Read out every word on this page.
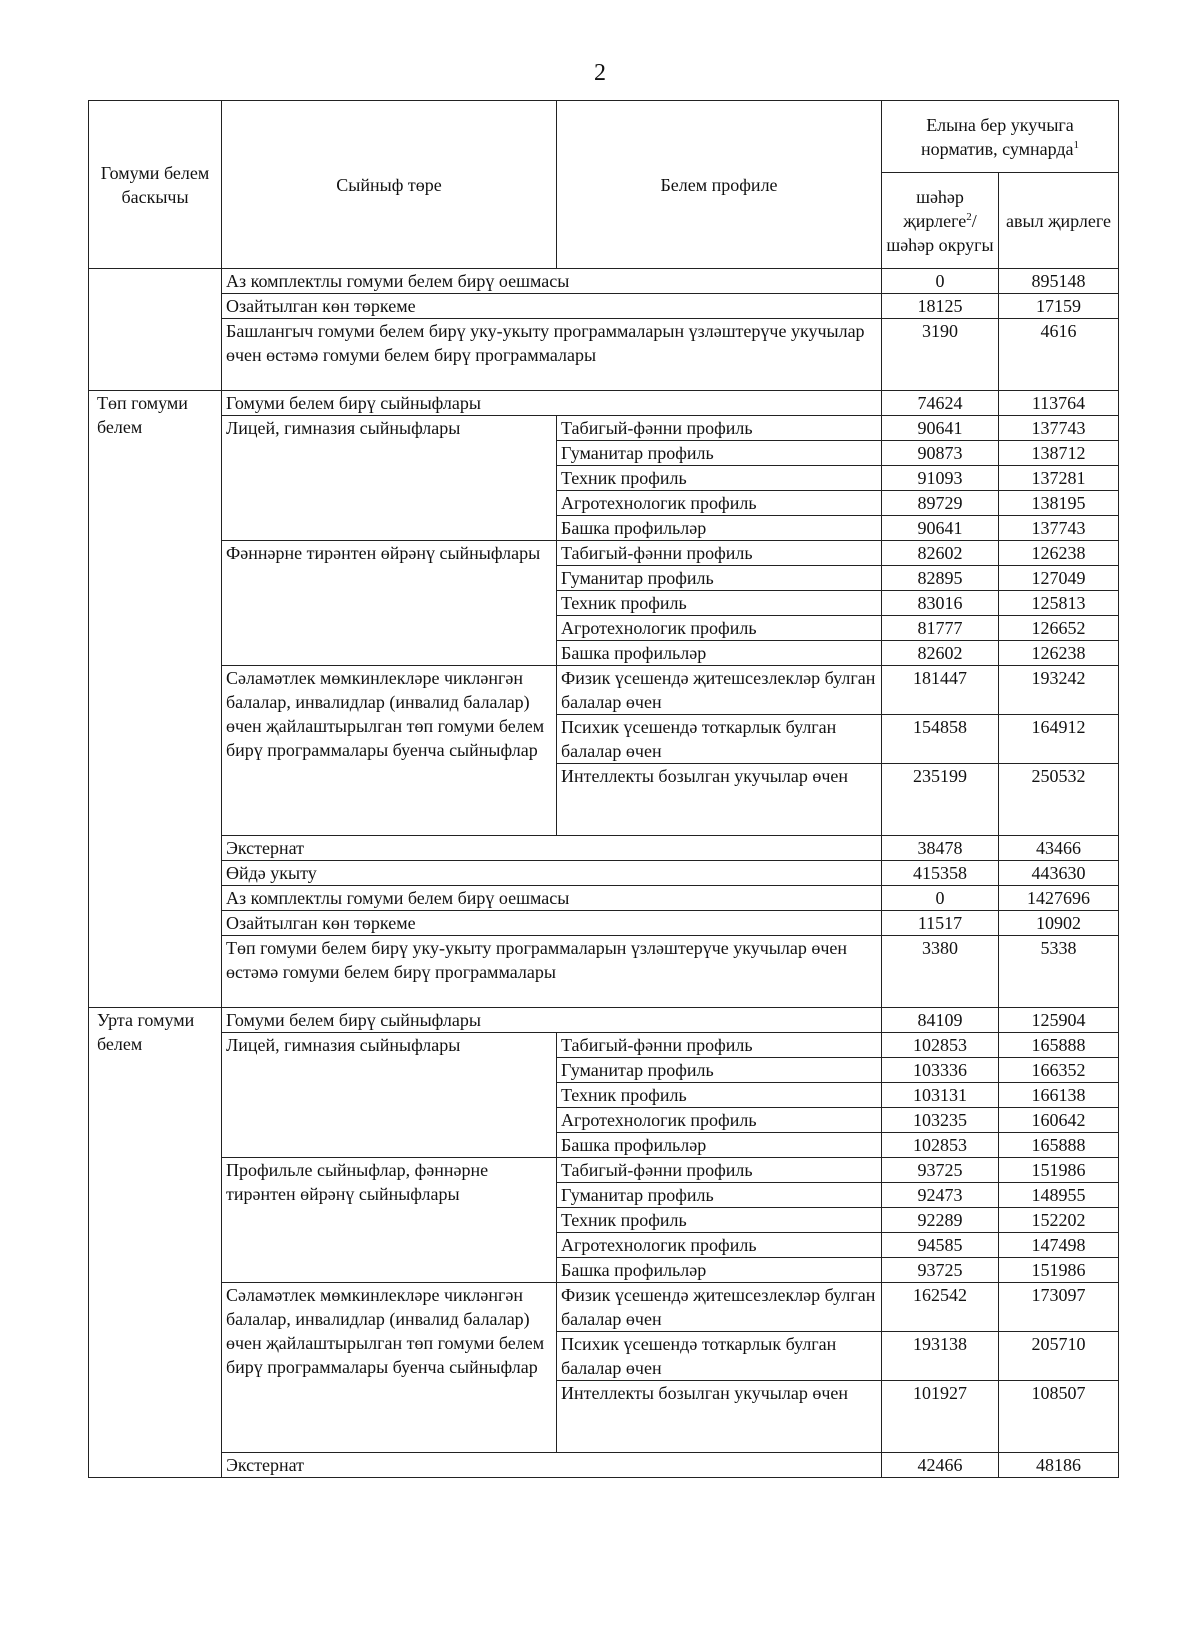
2
Гомуми белем баскычы	Сыйныф төре	Белем профиле	Елына бер укучыга норматив, сумнарда$^1$
			шәһәр җирлеге$^2$/ шәһәр округы	авыл җирлеге
	Аз комплектлы гомуми белем бирү оешмасы		0	895148
	Озайтылган көн төркеме		18125	17159
	Башлангыч гомуми белем бирү уку-укыту программаларын үзләштерүче укучылар өчен өстәмә гомуми белем бирү программалары		3190	4616
Төп гомуми белем	Гомуми белем бирү сыйныфлары		74624	113764
	Лицей, гимназия сыйныфлары	Табигый-фәнни профиль	90641	137743
		Гуманитар профиль	90873	138712
		Техник профиль	91093	137281
		Агротехнологик профиль	89729	138195
		Башка профильләр	90641	137743
	Фәннәрне тирәнтен өйрәнү сыйныфлары	Табигый-фәнни профиль	82602	126238
		Гуманитар профиль	82895	127049
		Техник профиль	83016	125813
		Агротехнологик профиль	81777	126652
		Башка профильләр	82602	126238
	Сәламәтлек мөмкинлекләре чикләнгән балалар, инвалидлар (инвалид балалар) өчен җайлаштырылган төп гомуми белем бирү программалары буенча сыйныфлар	Физик үсешендә җитешсезлекләр булган балалар өчен	181447	193242
		Психик үсешендә тоткарлык булган балалар өчен	154858	164912
		Интеллекты бозылган укучылар өчен	235199	250532
	Экстернат		38478	43466
	Өйдә укыту		415358	443630
	Аз комплектлы гомуми белем бирү оешмасы		0	1427696
	Озайтылган көн төркеме		11517	10902
	Төп гомуми белем бирү уку-укыту программаларын үзләштерүче укучылар өчен өстәмә гомуми белем бирү программалары		3380	5338
Урта гомуми белем	Гомуми белем бирү сыйныфлары		84109	125904
	Лицей, гимназия сыйныфлары	Табигый-фәнни профиль	102853	165888
		Гуманитар профиль	103336	166352
		Техник профиль	103131	166138
		Агротехнологик профиль	103235	160642
		Башка профильләр	102853	165888
	Профильле сыйныфлар, фәннәрне тирәнтен өйрәнү сыйныфлары	Табигый-фәнни профиль	93725	151986
		Гуманитар профиль	92473	148955
		Техник профиль	92289	152202
		Агротехнологик профиль	94585	147498
		Башка профильләр	93725	151986
	Сәламәтлек мөмкинлекләре чикләнгән балалар, инвалидлар (инвалид балалар) өчен җайлаштырылган төп гомуми белем бирү программалары буенча сыйныфлар	Физик үсешендә җитешсезлекләр булган балалар өчен	162542	173097
		Психик үсешендә тоткарлык булган балалар өчен	193138	205710
		Интеллекты бозылган укучылар өчен	101927	108507
	Экстернат		42466	48186
